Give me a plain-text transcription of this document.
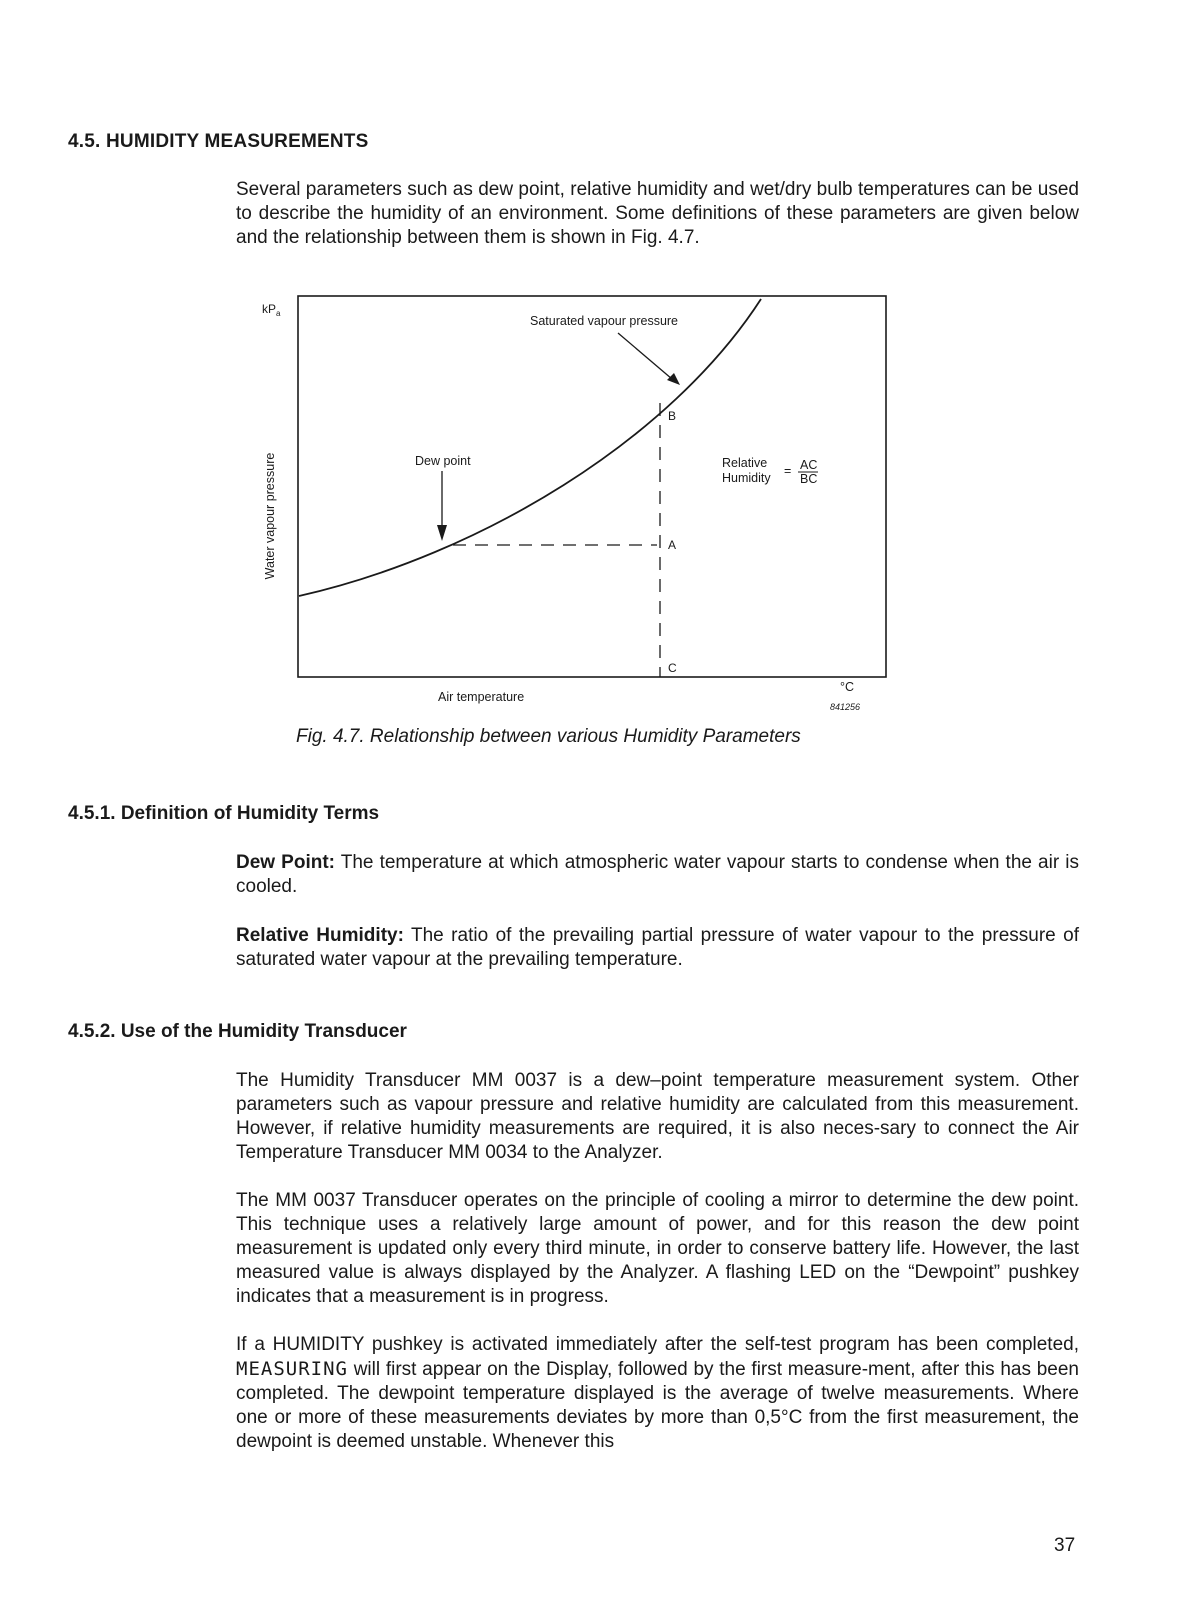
4.5. HUMIDITY MEASUREMENTS

Several parameters such as dew point, relative humidity and wet/dry bulb temperatures can be used to describe the humidity of an environment. Some definitions of these parameters are given below and the relationship between them is shown in Fig. 4.7.

$kP_a$
Water vapour pressure
B
A
C
Saturated vapour pressure
Dew point	Relative
Humidity = AC
BC
Air temperature
°C
841256

Fig. 4.7. Relationship between various Humidity Parameters

4.5.1. Definition of Humidity Terms

Dew Point: The temperature at which atmospheric water vapour starts to condense when the air is cooled.

Relative Humidity: The ratio of the prevailing partial pressure of water vapour to the pressure of saturated water vapour at the prevailing temperature.

4.5.2. Use of the Humidity Transducer

The Humidity Transducer MM 0037 is a dew–point temperature measurement system. Other parameters such as vapour pressure and relative humidity are calculated from this measurement. However, if relative humidity measurements are required, it is also neces-sary to connect the Air Temperature Transducer MM 0034 to the Analyzer.

The MM 0037 Transducer operates on the principle of cooling a mirror to determine the dew point. This technique uses a relatively large amount of power, and for this reason the dew point measurement is updated only every third minute, in order to conserve battery life. However, the last measured value is always displayed by the Analyzer. A flashing LED on the “Dewpoint” pushkey indicates that a measurement is in progress.

If a HUMIDITY pushkey is activated immediately after the self-test program has been completed, MEASURING will first appear on the Display, followed by the first measure-ment, after this has been completed. The dewpoint temperature displayed is the average of twelve measurements. Where one or more of these measurements deviates by more than 0,5°C from the first measurement, the dewpoint is deemed unstable. Whenever this

37
